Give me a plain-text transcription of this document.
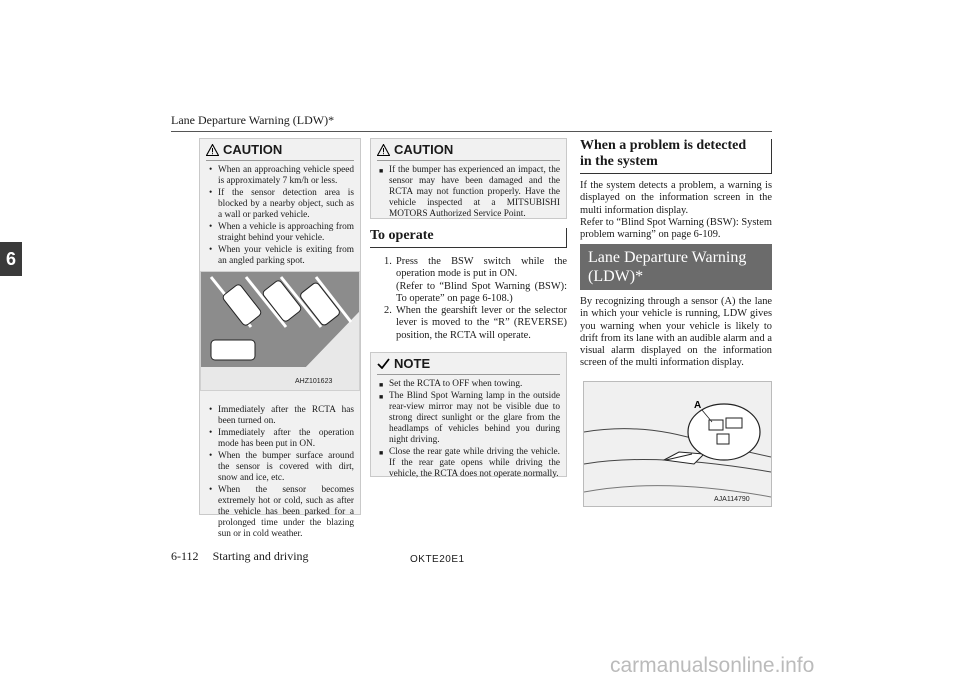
Lane Departure Warning (LDW)*
6
CAUTION
• When an approaching vehicle speed is approximately 7 km/h or less.
• If the sensor detection area is blocked by a nearby object, such as a wall or parked vehicle.
• When a vehicle is approaching from straight behind your vehicle.
• When your vehicle is exiting from an angled parking spot.
AHZ101623
• Immediately after the RCTA has been turned on.
• Immediately after the operation mode has been put in ON.
• When the bumper surface around the sensor is covered with dirt, snow and ice, etc.
• When the sensor becomes extremely hot or cold, such as after the vehicle has been parked for a prolonged time under the blazing sun or in cold weather.
CAUTION
■ If the bumper has experienced an impact, the sensor may have been damaged and the RCTA may not function properly. Have the vehicle inspected at a MITSUBISHI MOTORS Authorized Service Point.
To operate
1. Press the BSW switch while the operation mode is put in ON.
(Refer to “Blind Spot Warning (BSW): To operate” on page 6-108.)
2. When the gearshift lever or the selector lever is moved to the “R” (REVERSE) position, the RCTA will operate.
NOTE
■ Set the RCTA to OFF when towing.
■ The Blind Spot Warning lamp in the outside rear-view mirror may not be visible due to strong direct sunlight or the glare from the headlamps of vehicles behind you during night driving.
■ Close the rear gate while driving the vehicle. If the rear gate opens while driving the vehicle, the RCTA does not operate normally.
When a problem is detected in the system
If the system detects a problem, a warning is displayed on the information screen in the multi information display.
Refer to “Blind Spot Warning (BSW): System problem warning” on page 6-109.
Lane Departure Warning (LDW)*
By recognizing through a sensor (A) the lane in which your vehicle is running, LDW gives you warning when your vehicle is likely to drift from its lane with an audible alarm and a visual alarm displayed on the information screen of the multi information display.
A
AJA114790
6-112 Starting and driving	OKTE20E1
carmanualsonline.info
